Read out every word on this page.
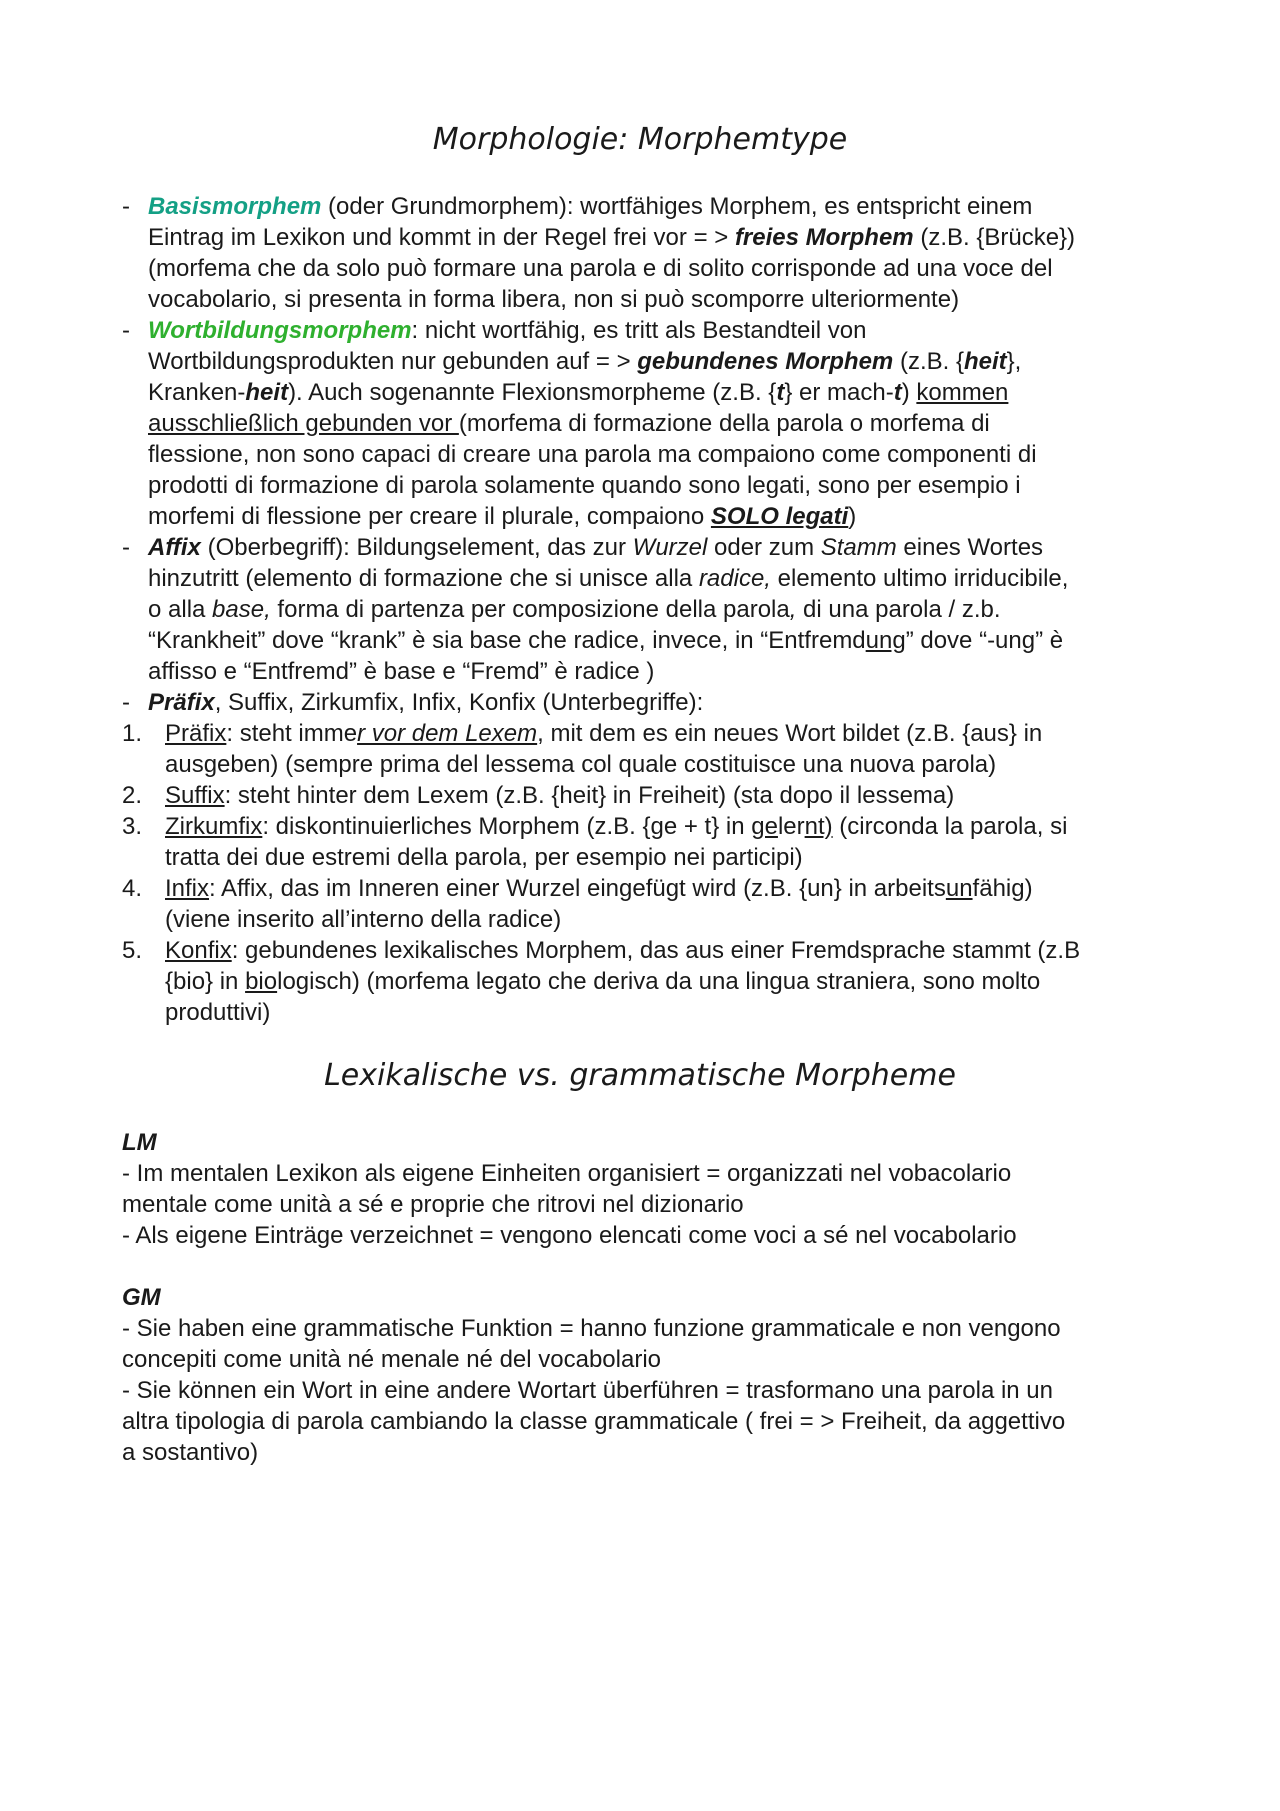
Morphologie: Morphemtype
- Basismorphem (oder Grundmorphem): wortfähiges Morphem, es entspricht einem
Eintrag im Lexikon und kommt in der Regel frei vor = > freies Morphem (z.B. {Brücke})
(morfema che da solo può formare una parola e di solito corrisponde ad una voce del
vocabolario, si presenta in forma libera, non si può scomporre ulteriormente)
- Wortbildungsmorphem: nicht wortfähig, es tritt als Bestandteil von
Wortbildungsprodukten nur gebunden auf = > gebundenes Morphem (z.B. {heit},
Kranken-heit). Auch sogenannte Flexionsmorpheme (z.B. {t} er mach-t) kommen
ausschließlich gebunden vor (morfema di formazione della parola o morfema di
flessione, non sono capaci di creare una parola ma compaiono come componenti di
prodotti di formazione di parola solamente quando sono legati, sono per esempio i
morfemi di flessione per creare il plurale, compaiono SOLO legati)
- Affix (Oberbegriff): Bildungselement, das zur Wurzel oder zum Stamm eines Wortes
hinzutritt (elemento di formazione che si unisce alla radice, elemento ultimo irriducibile,
o alla base, forma di partenza per composizione della parola, di una parola / z.b.
“Krankheit” dove “krank” è sia base che radice, invece, in “Entfremdung” dove “-ung” è
affisso e “Entfremd” è base e “Fremd” è radice )
- Präfix, Suffix, Zirkumfix, Infix, Konfix (Unterbegriffe):
1. Präfix: steht immer vor dem Lexem, mit dem es ein neues Wort bildet (z.B. {aus} in
ausgeben) (sempre prima del lessema col quale costituisce una nuova parola)
2. Suffix: steht hinter dem Lexem (z.B. {heit} in Freiheit) (sta dopo il lessema)
3. Zirkumfix: diskontinuierliches Morphem (z.B. {ge + t} in gelernt) (circonda la parola, si
tratta dei due estremi della parola, per esempio nei participi)
4. Infix: Affix, das im Inneren einer Wurzel eingefügt wird (z.B. {un} in arbeitsunfähig)
(viene inserito all’interno della radice)
5. Konfix: gebundenes lexikalisches Morphem, das aus einer Fremdsprache stammt (z.B
{bio} in biologisch) (morfema legato che deriva da una lingua straniera, sono molto
produttivi)
Lexikalische vs. grammatische Morpheme
LM
- Im mentalen Lexikon als eigene Einheiten organisiert = organizzati nel vobacolario
mentale come unità a sé e proprie che ritrovi nel dizionario
- Als eigene Einträge verzeichnet = vengono elencati come voci a sé nel vocabolario
GM
- Sie haben eine grammatische Funktion = hanno funzione grammaticale e non vengono
concepiti come unità né menale né del vocabolario
- Sie können ein Wort in eine andere Wortart überführen = trasformano una parola in un
altra tipologia di parola cambiando la classe grammaticale ( frei = > Freiheit, da aggettivo
a sostantivo)
